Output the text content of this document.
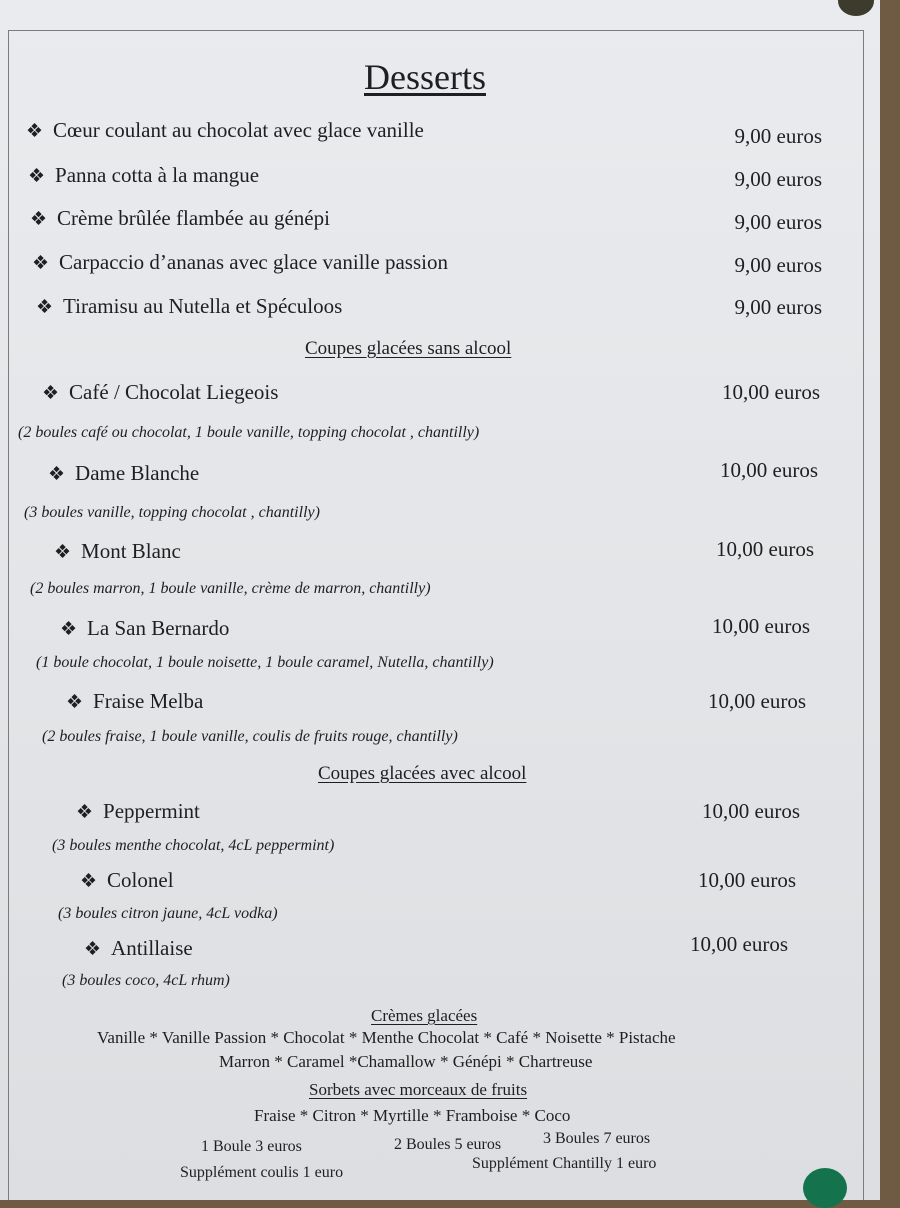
Desserts
❖ Cœur coulant au chocolat avec glace vanille	9,00 euros
❖ Panna cotta à la mangue	9,00 euros
❖ Crème brûlée flambée au génépi	9,00 euros
❖ Carpaccio d’ananas avec glace vanille passion	9,00 euros
❖ Tiramisu au Nutella et Spéculoos	9,00 euros
Coupes glacées sans alcool
❖ Café / Chocolat Liegeois	10,00 euros
(2 boules café ou chocolat, 1 boule vanille, topping chocolat , chantilly)
❖ Dame Blanche	10,00 euros
(3 boules vanille, topping chocolat , chantilly)
❖ Mont Blanc	10,00 euros
(2 boules marron, 1 boule vanille, crème de marron, chantilly)
❖ La San Bernardo	10,00 euros
(1 boule chocolat, 1 boule noisette, 1 boule caramel, Nutella, chantilly)
❖ Fraise Melba	10,00 euros
(2 boules fraise, 1 boule vanille, coulis de fruits rouge, chantilly)
Coupes glacées avec alcool
❖ Peppermint	10,00 euros
(3 boules menthe chocolat, 4cL peppermint)
❖ Colonel	10,00 euros
(3 boules citron jaune, 4cL vodka)
❖ Antillaise	10,00 euros
(3 boules coco, 4cL rhum)
Crèmes glacées
Vanille * Vanille Passion * Chocolat * Menthe Chocolat * Café * Noisette * Pistache
Marron * Caramel *Chamallow * Génépi * Chartreuse
Sorbets avec morceaux de fruits
Fraise * Citron * Myrtille * Framboise * Coco
1 Boule 3 euros	2 Boules 5 euros	3 Boules 7 euros
Supplément coulis 1 euro
Supplément Chantilly 1 euro
